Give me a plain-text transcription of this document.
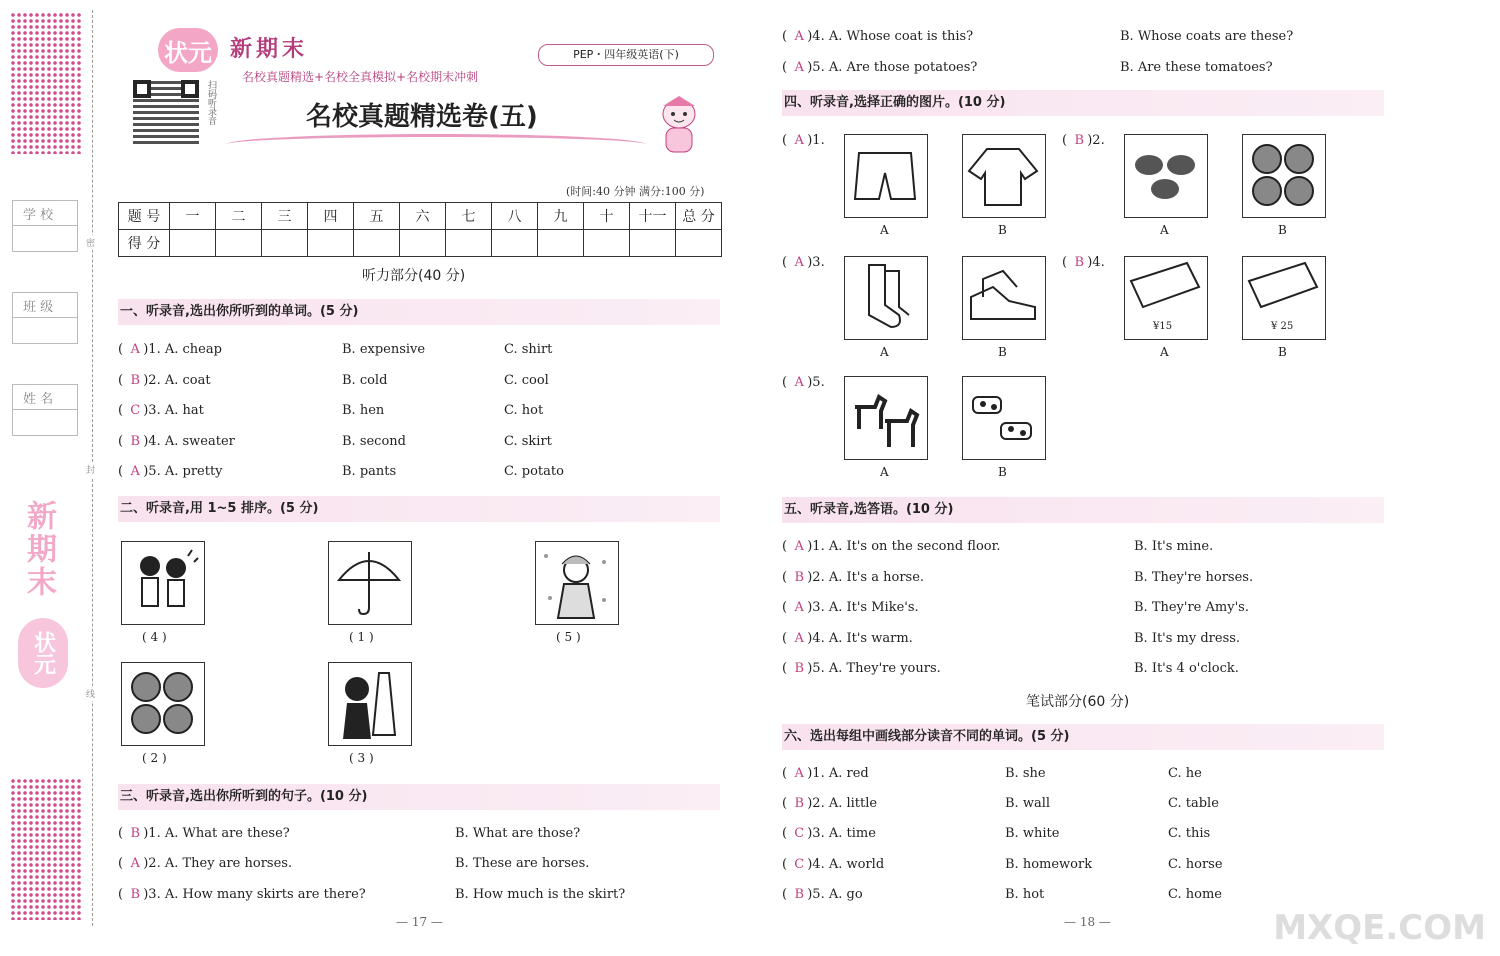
密
封
线
学 校
班 级
姓 名
新期末
状元
状元 新期末
名校真题精选+名校全真模拟+名校期末冲刺
PEP・四年级英语(下)
扫码听录音	名校真题精选卷(五)
(时间:40 分钟 满分:100 分)
题 号	一	二	三	四	五	六	七	八	九	十	十一	总 分
得 分												
听力部分(40 分)
一、听录音,选出你所听到的单词。(5 分)
( A )1. A. cheap	B. expensive	C. shirt
( B )2. A. coat	B. cold	C. cool
( C )3. A. hat	B. hen	C. hot
( B )4. A. sweater	B. second	C. skirt
( A )5. A. pretty	B. pants	C. potato
二、听录音,用 1~5 排序。(5 分)
( 4 )	( 1 )	( 5 )
( 2 )	( 3 )
三、听录音,选出你所听到的句子。(10 分)
( B )1. A. What are these?	B. What are those?
( A )2. A. They are horses.	B. These are horses.
( B )3. A. How many skirts are there?	B. How much is the skirt?
— 17 —
( A )4. A. Whose coat is this?	B. Whose coats are these?
( A )5. A. Are those potatoes?	B. Are these tomatoes?
四、听录音,选择正确的图片。(10 分)
( A )1.
A	B
( B )2.
A	B
( A )3.
A	B
( B )4.
¥15	¥ 25
A	B
( A )5.
A	B
五、听录音,选答语。(10 分)
( A )1. A. It's on the second floor.	B. It's mine.
( B )2. A. It's a horse.	B. They're horses.
( A )3. A. It's Mike's.	B. They're Amy's.
( A )4. A. It's warm.	B. It's my dress.
( B )5. A. They're yours.	B. It's 4 o'clock.
笔试部分(60 分)
六、选出每组中画线部分读音不同的单词。(5 分)
( A )1. A. red	B. she	C. he
( B )2. A. little	B. wall	C. table
( C )3. A. time	B. white	C. this
( C )4. A. world	B. homework	C. horse
( B )5. A. go	B. hot	C. home
— 18 —	MXQE.COM
